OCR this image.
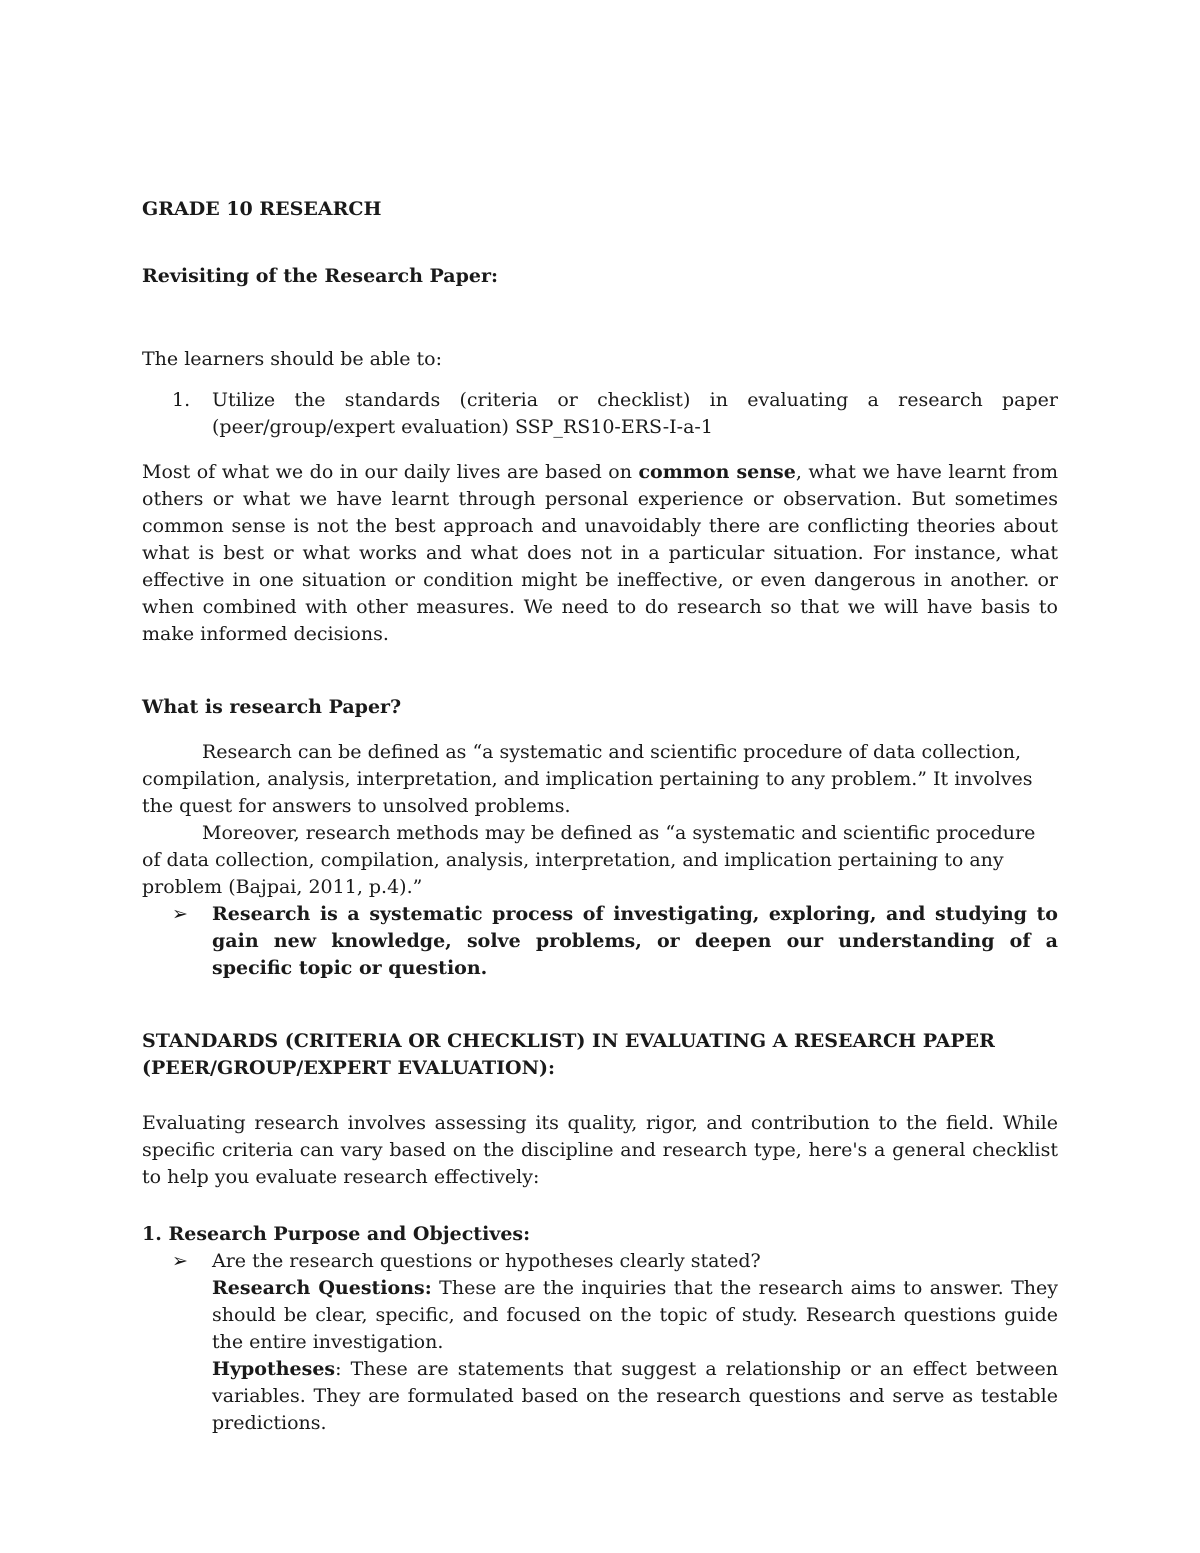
GRADE 10 RESEARCH

Revisiting of the Research Paper:

The learners should be able to:

1. Utilize the standards (criteria or checklist) in evaluating a research paper (peer/group/expert evaluation) SSP_RS10-ERS-I-a-1

Most of what we do in our daily lives are based on common sense, what we have learnt from others or what we have learnt through personal experience or observation. But sometimes common sense is not the best approach and unavoidably there are conflicting theories about what is best or what works and what does not in a particular situation. For instance, what effective in one situation or condition might be ineffective, or even dangerous in another. or when combined with other measures. We need to do research so that we will have basis to make informed decisions.

What is research Paper?

Research can be defined as “a systematic and scientific procedure of data collection, compilation, analysis, interpretation, and implication pertaining to any problem.” It involves the quest for answers to unsolved problems.

Moreover, research methods may be defined as “a systematic and scientific procedure of data collection, compilation, analysis, interpretation, and implication pertaining to any problem (Bajpai, 2011, p.4).”

➢ Research is a systematic process of investigating, exploring, and studying to gain new knowledge, solve problems, or deepen our understanding of a specific topic or question.

STANDARDS (CRITERIA OR CHECKLIST) IN EVALUATING A RESEARCH PAPER (PEER/GROUP/EXPERT EVALUATION):

Evaluating research involves assessing its quality, rigor, and contribution to the field. While specific criteria can vary based on the discipline and research type, here's a general checklist to help you evaluate research effectively:

1. Research Purpose and Objectives:

➢ Are the research questions or hypotheses clearly stated?

Research Questions: These are the inquiries that the research aims to answer. They should be clear, specific, and focused on the topic of study. Research questions guide the entire investigation.

Hypotheses: These are statements that suggest a relationship or an effect between variables. They are formulated based on the research questions and serve as testable predictions.
